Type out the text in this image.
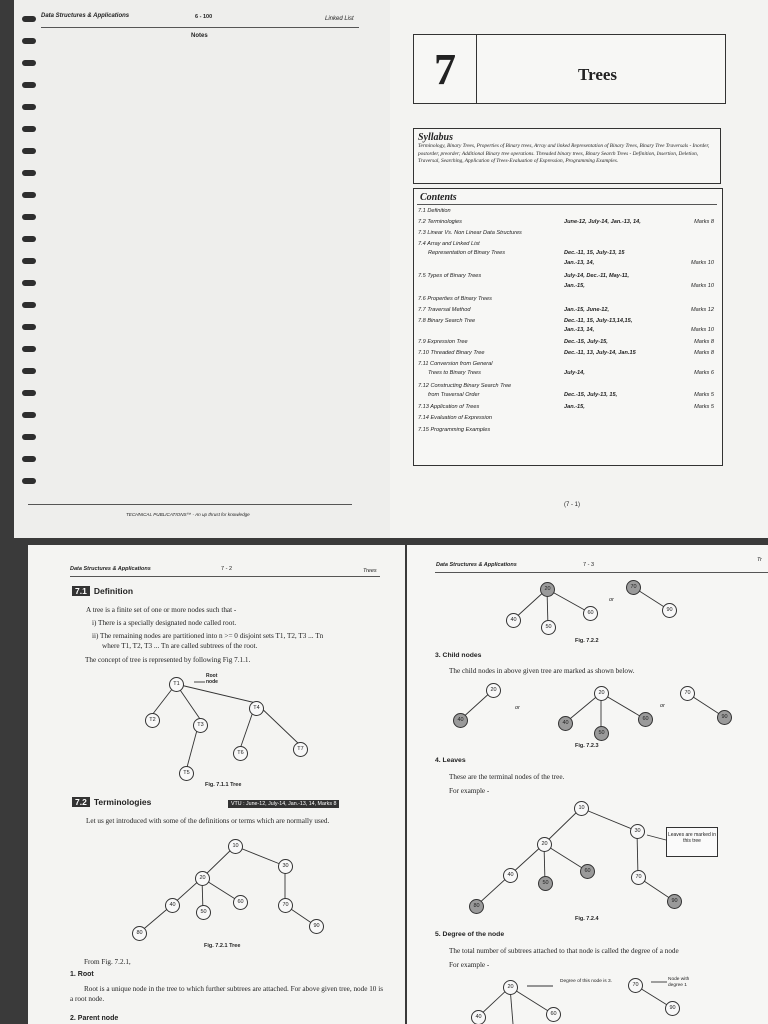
Data Structures & Applications	6 - 100	Linked List
Notes
TECHNICAL PUBLICATIONS™ - An up thrust for knowledge
7	Trees
Syllabus
Terminology, Binary Trees, Properties of Binary trees, Array and linked Representation of Binary Trees, Binary Tree Traversals - Inorder, postorder, preorder; Additional Binary tree operations. Threaded binary trees, Binary Search Trees - Definition, Insertion, Deletion, Traversal, Searching, Application of Trees-Evaluation of Expression, Programming Examples.
Contents
7.1 Definition
7.2 Terminologies	June-12, July-14, Jan.-13, 14,	Marks 8
7.3 Linear Vs. Non Linear Data Structures
7.4 Array and Linked List
Representation of Binary Trees	Dec.-11, 15, July-13, 15
Jan.-13, 14,	Marks 10
7.5 Types of Binary Trees	July-14, Dec.-11, May-11,
Jan.-15,	Marks 10
7.6 Properties of Binary Trees
7.7 Traversal Method	Jan.-15, June-12,	Marks 12
7.8 Binary Search Tree	Dec.-11, 15, July-13,14,15,
Jan.-13, 14,	Marks 10
7.9 Expression Tree	Dec.-15, July-15,	Marks 8
7.10 Threaded Binary Tree	Dec.-11, 13, July-14, Jan.15	Marks 8
7.11 Conversion from General
Trees to Binary Trees	July-14,	Marks 6
7.12 Constructing Binary Search Tree
from Traversal Order	Dec.-15, July-13, 15,	Marks 5
7.13 Application of Trees	Jan.-15,	Marks 5
7.14 Evaluation of Expression
7.15 Programming Examples
(7 - 1)
Data Structures & Applications	7 - 2	Trees
7.1 Definition
A tree is a finite set of one or more nodes such that -
i) There is a specially designated node called root.
ii) The remaining nodes are partitioned into n >= 0 disjoint sets T1, T2, T3 ... Tn
where T1, T2, T3 ... Tn are called subtrees of the root.
The concept of tree is represented by following Fig 7.1.1.
Root node
T1
T2
T3
T4
T5
T6
T7
Fig. 7.1.1 Tree
7.2 Terminologies	VTU : June-12, July-14, Jan.-13, 14, Marks 8
Let us get introduced with some of the definitions or terms which are normally used.
10
20
30
40
50
60	70
80
90
Fig. 7.2.1 Tree
From Fig. 7.2.1,
1. Root
Root is a unique node in the tree to which further subtrees are attached. For above given tree, node 10 is a root node.
2. Parent node
Data Structures & Applications	7 - 3
Tr
20
40
50
60
70
90
20
40
20
40
50
60
70
90
10
20
30
40
50
60
70
80
90
20	70
40	60
90
or
Fig. 7.2.2
3. Child nodes
The child nodes in above given tree are marked as shown below.
or	or
Fig. 7.2.3
4. Leaves
These are the terminal nodes of the tree.
For example -
Leaves are marked in this tree
Fig. 7.2.4
5. Degree of the node
The total number of subtrees attached to that node is called the degree of a node
For example -
Degree of this node is 3.	Node with degree 1
